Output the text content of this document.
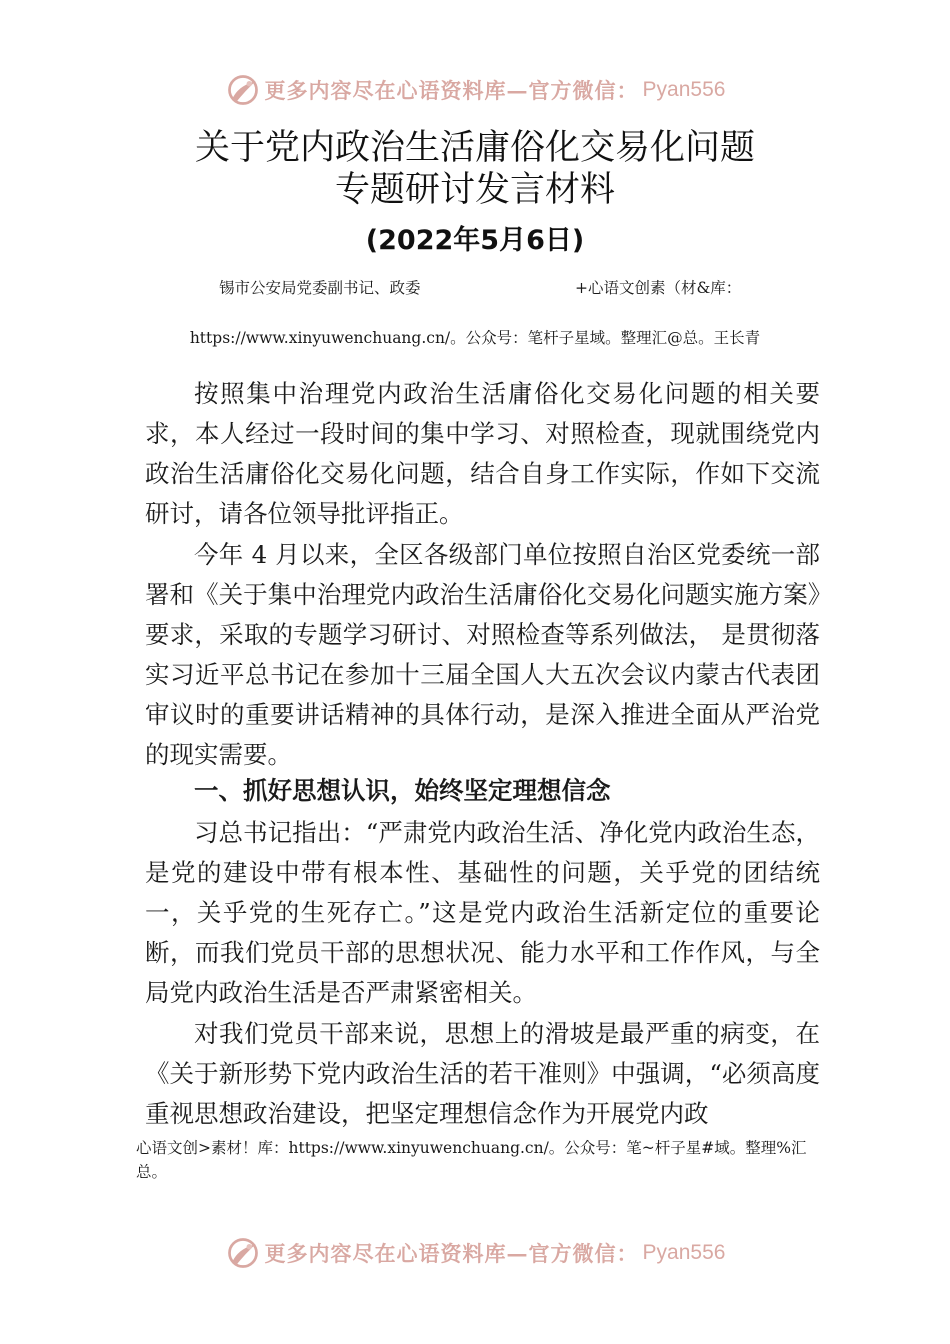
更多内容尽在心语资料库—官方微信： Pyan556
关于党内政治生活庸俗化交易化问题
专题研讨发言材料
(2022年5月6日)
锡市公安局党委副书记、政委	+心语文创素（材&库：
https://www.xinyuwenchuang.cn/。公众号：笔杆子星域。整理汇@总。王长青

按照集中治理党内政治生活庸俗化交易化问题的相关要求，本人经过一段时间的集中学习、对照检查，现就围绕党内政治生活庸俗化交易化问题，结合自身工作实际，作如下交流研讨，请各位领导批评指正。

今年 4 月以来，全区各级部门单位按照自治区党委统一部署和《关于集中治理党内政治生活庸俗化交易化问题实施方案》要求，采取的专题学习研讨、对照检查等系列做法， 是贯彻落实习近平总书记在参加十三届全国人大五次会议内蒙古代表团审议时的重要讲话精神的具体行动，是深入推进全面从严治党的现实需要。

一、抓好思想认识，始终坚定理想信念

习总书记指出：“严肃党内政治生活、净化党内政治生态，是党的建设中带有根本性、基础性的问题，关乎党的团结统一，关乎党的生死存亡。”这是党内政治生活新定位的重要论断，而我们党员干部的思想状况、能力水平和工作作风，与全局党内政治生活是否严肃紧密相关。

对我们党员干部来说，思想上的滑坡是最严重的病变，在《关于新形势下党内政治生活的若干准则》中强调，“必须高度重视思想政治建设，把坚定理想信念作为开展党内政

心语文创>素材！库：https://www.xinyuwenchuang.cn/。公众号：笔~杆子星#域。整理%汇总。
更多内容尽在心语资料库—官方微信： Pyan556
